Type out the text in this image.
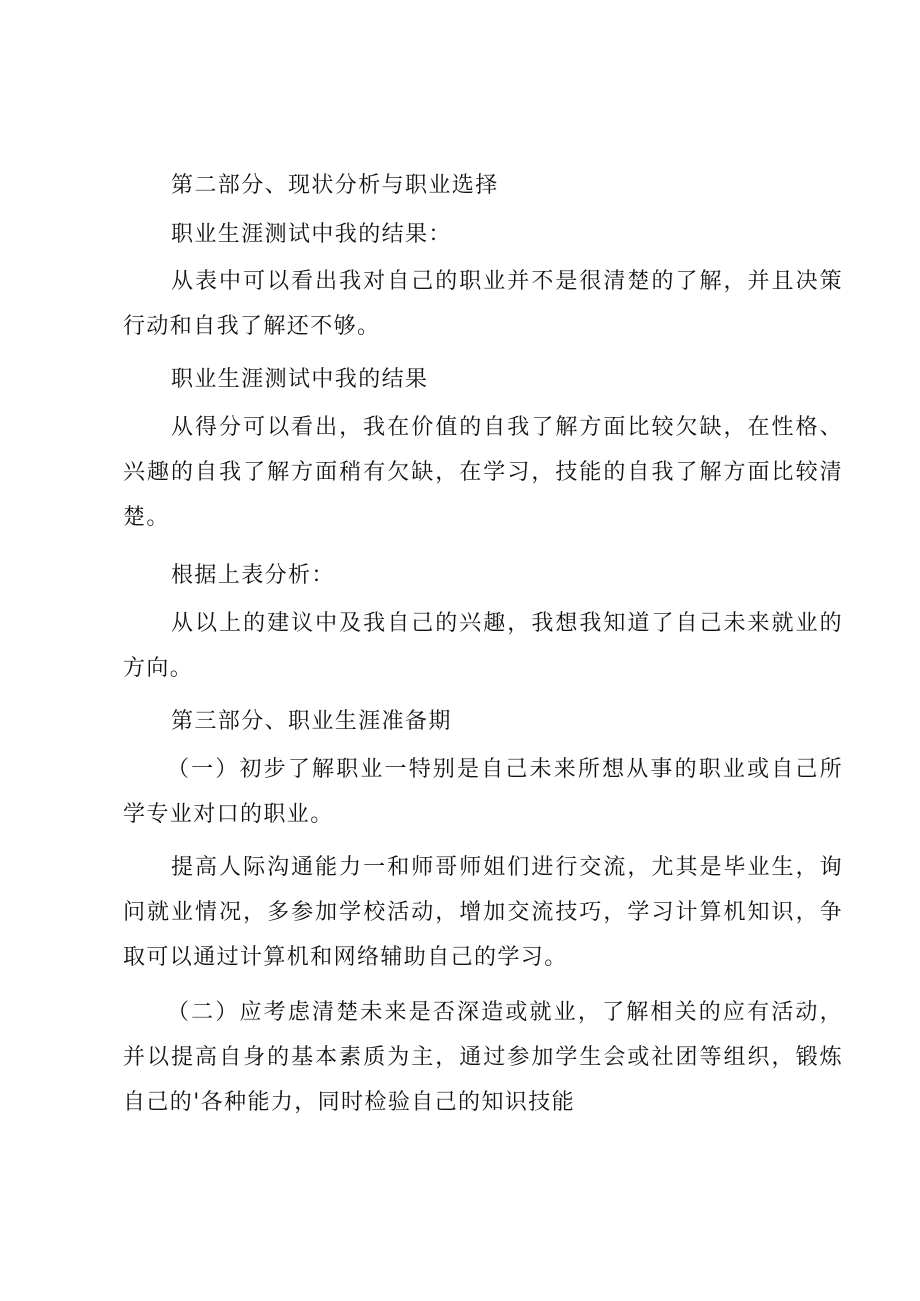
第二部分、现状分析与职业选择

职业生涯测试中我的结果：

从表中可以看出我对自己的职业并不是很清楚的了解，并且决策行动和自我了解还不够。

职业生涯测试中我的结果

从得分可以看出，我在价值的自我了解方面比较欠缺，在性格、兴趣的自我了解方面稍有欠缺，在学习，技能的自我了解方面比较清楚。

根据上表分析：

从以上的建议中及我自己的兴趣，我想我知道了自己未来就业的方向。

第三部分、职业生涯准备期

（一）初步了解职业一特别是自己未来所想从事的职业或自己所学专业对口的职业。

提高人际沟通能力一和师哥师姐们进行交流，尤其是毕业生，询问就业情况，多参加学校活动，增加交流技巧，学习计算机知识，争取可以通过计算机和网络辅助自己的学习。

（二）应考虑清楚未来是否深造或就业，了解相关的应有活动，并以提高自身的基本素质为主，通过参加学生会或社团等组织，锻炼自己的'各种能力，同时检验自己的知识技能
